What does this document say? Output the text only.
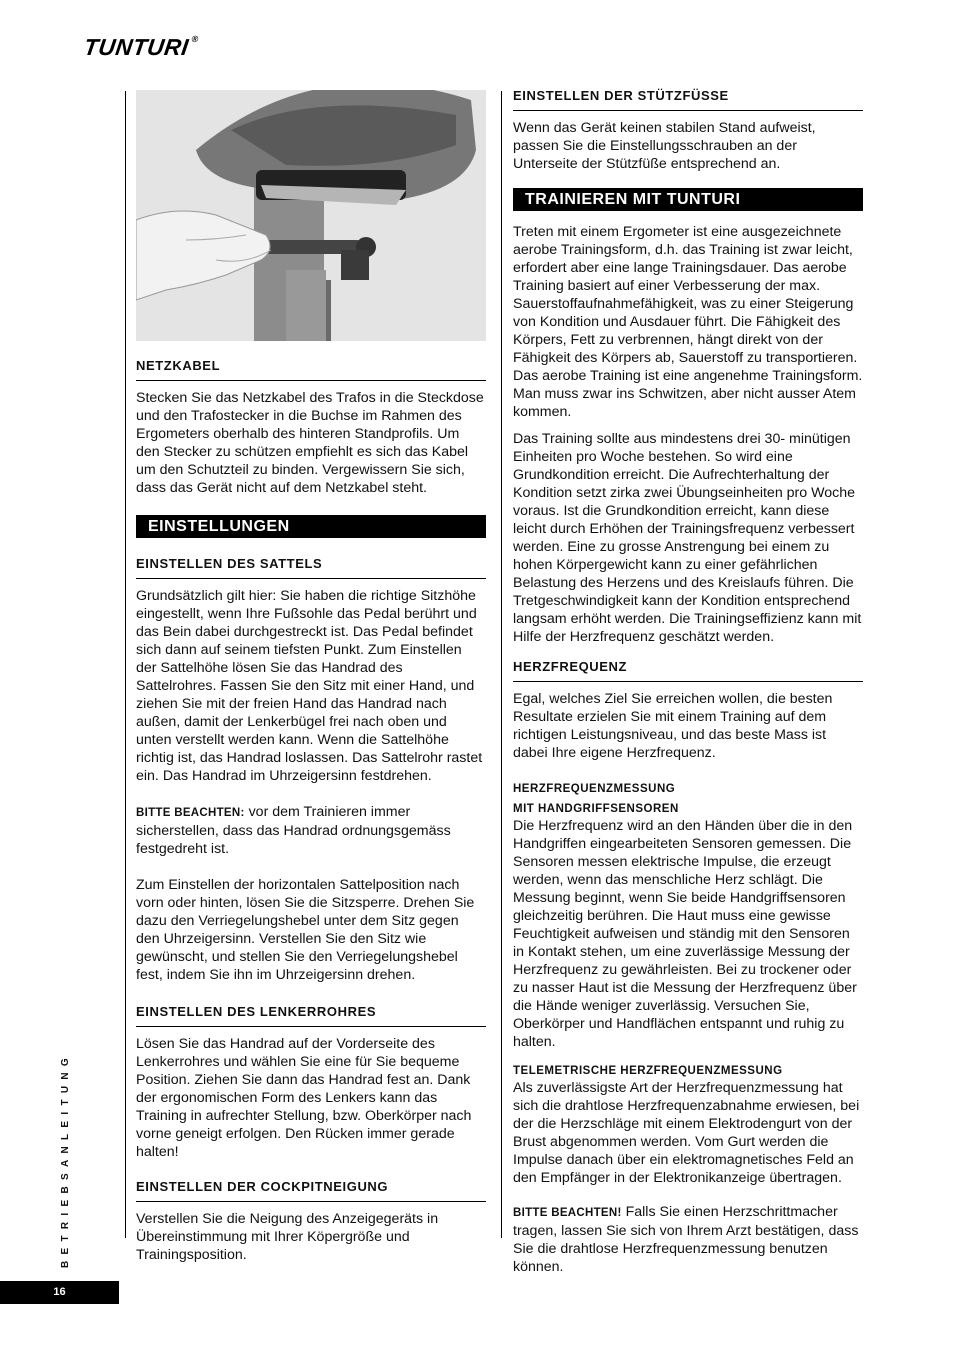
TUNTURI®
NETZKABEL

Stecken Sie das Netzkabel des Trafos in die Steckdose und den Trafostecker in die Buchse im Rahmen des Ergometers oberhalb des hinteren Standprofils. Um den Stecker zu schützen empfiehlt es sich das Kabel um den Schutzteil zu binden. Vergewissern Sie sich, dass das Gerät nicht auf dem Netzkabel steht.

EINSTELLUNGEN
EINSTELLEN DES SATTELS

Grundsätzlich gilt hier: Sie haben die richtige Sitzhöhe eingestellt, wenn Ihre Fußsohle das Pedal berührt und das Bein dabei durchgestreckt ist. Das Pedal befindet sich dann auf seinem tiefsten Punkt. Zum Einstellen der Sattelhöhe lösen Sie das Handrad des Sattelrohres. Fassen Sie den Sitz mit einer Hand, und ziehen Sie mit der freien Hand das Handrad nach außen, damit der Lenkerbügel frei nach oben und unten verstellt werden kann. Wenn die Sattelhöhe richtig ist, das Handrad loslassen. Das Sattelrohr rastet ein. Das Handrad im Uhrzeigersinn festdrehen.

BITTE BEACHTEN: vor dem Trainieren immer sicherstellen, dass das Handrad ordnungsgemäss festgedreht ist.

Zum Einstellen der horizontalen Sattelposition nach vorn oder hinten, lösen Sie die Sitzsperre. Drehen Sie dazu den Verriegelungshebel unter dem Sitz gegen den Uhrzeigersinn. Verstellen Sie den Sitz wie gewünscht, und stellen Sie den Verriegelungshebel fest, indem Sie ihn im Uhrzeigersinn drehen.

EINSTELLEN DES LENKERROHRES

Lösen Sie das Handrad auf der Vorderseite des Lenkerrohres und wählen Sie eine für Sie bequeme Position. Ziehen Sie dann das Handrad fest an. Dank der ergonomischen Form des Lenkers kann das Training in aufrechter Stellung, bzw. Oberkörper nach vorne geneigt erfolgen. Den Rücken immer gerade halten!

EINSTELLEN DER COCKPITNEIGUNG

Verstellen Sie die Neigung des Anzeigegeräts in Übereinstimmung mit Ihrer Köpergröße und Trainingsposition.

EINSTELLEN DER STÜTZFÜSSE

Wenn das Gerät keinen stabilen Stand aufweist, passen Sie die Einstellungsschrauben an der Unterseite der Stützfüße entsprechend an.

TRAINIEREN MIT TUNTURI

Treten mit einem Ergometer ist eine ausgezeichnete aerobe Trainingsform, d.h. das Training ist zwar leicht, erfordert aber eine lange Trainingsdauer. Das aerobe Training basiert auf einer Verbesserung der max. Sauerstoffaufnahmefähigkeit, was zu einer Steigerung von Kondition und Ausdauer führt. Die Fähigkeit des Körpers, Fett zu verbrennen, hängt direkt von der Fähigkeit des Körpers ab, Sauerstoff zu transportieren. Das aerobe Training ist eine angenehme Trainingsform. Man muss zwar ins Schwitzen, aber nicht ausser Atem kommen.

Das Training sollte aus mindestens drei 30- minütigen Einheiten pro Woche bestehen. So wird eine Grundkondition erreicht. Die Aufrechterhaltung der Kondition setzt zirka zwei Übungseinheiten pro Woche voraus. Ist die Grundkondition erreicht, kann diese leicht durch Erhöhen der Trainingsfrequenz verbessert werden. Eine zu grosse Anstrengung bei einem zu hohen Körpergewicht kann zu einer gefährlichen Belastung des Herzens und des Kreislaufs führen. Die Tretgeschwindigkeit kann der Kondition entsprechend langsam erhöht werden. Die Trainingseffizienz kann mit Hilfe der Herzfrequenz geschätzt werden.

HERZFREQUENZ

Egal, welches Ziel Sie erreichen wollen, die besten Resultate erzielen Sie mit einem Training auf dem richtigen Leistungsniveau, und das beste Mass ist dabei Ihre eigene Herzfrequenz.

HERZFREQUENZMESSUNG
MIT HANDGRIFFSENSOREN

Die Herzfrequenz wird an den Händen über die in den Handgriffen eingearbeiteten Sensoren gemessen. Die Sensoren messen elektrische Impulse, die erzeugt werden, wenn das menschliche Herz schlägt. Die Messung beginnt, wenn Sie beide Handgriffsensoren gleichzeitig berühren. Die Haut muss eine gewisse Feuchtigkeit aufweisen und ständig mit den Sensoren in Kontakt stehen, um eine zuverlässige Messung der Herzfrequenz zu gewährleisten. Bei zu trockener oder zu nasser Haut ist die Messung der Herzfrequenz über die Hände weniger zuverlässig. Versuchen Sie, Oberkörper und Handflächen entspannt und ruhig zu halten.

TELEMETRISCHE HERZFREQUENZMESSUNG

Als zuverlässigste Art der Herzfrequenzmessung hat sich die drahtlose Herzfrequenzabnahme erwiesen, bei der die Herzschläge mit einem Elektrodengurt von der Brust abgenommen werden. Vom Gurt werden die Impulse danach über ein elektromagnetisches Feld an den Empfänger in der Elektronikanzeige übertragen.

BITTE BEACHTEN! Falls Sie einen Herzschrittmacher tragen, lassen Sie sich von Ihrem Arzt bestätigen, dass Sie die drahtlose Herzfrequenzmessung benutzen können.

BETRIEBSANLEITUNG
16
